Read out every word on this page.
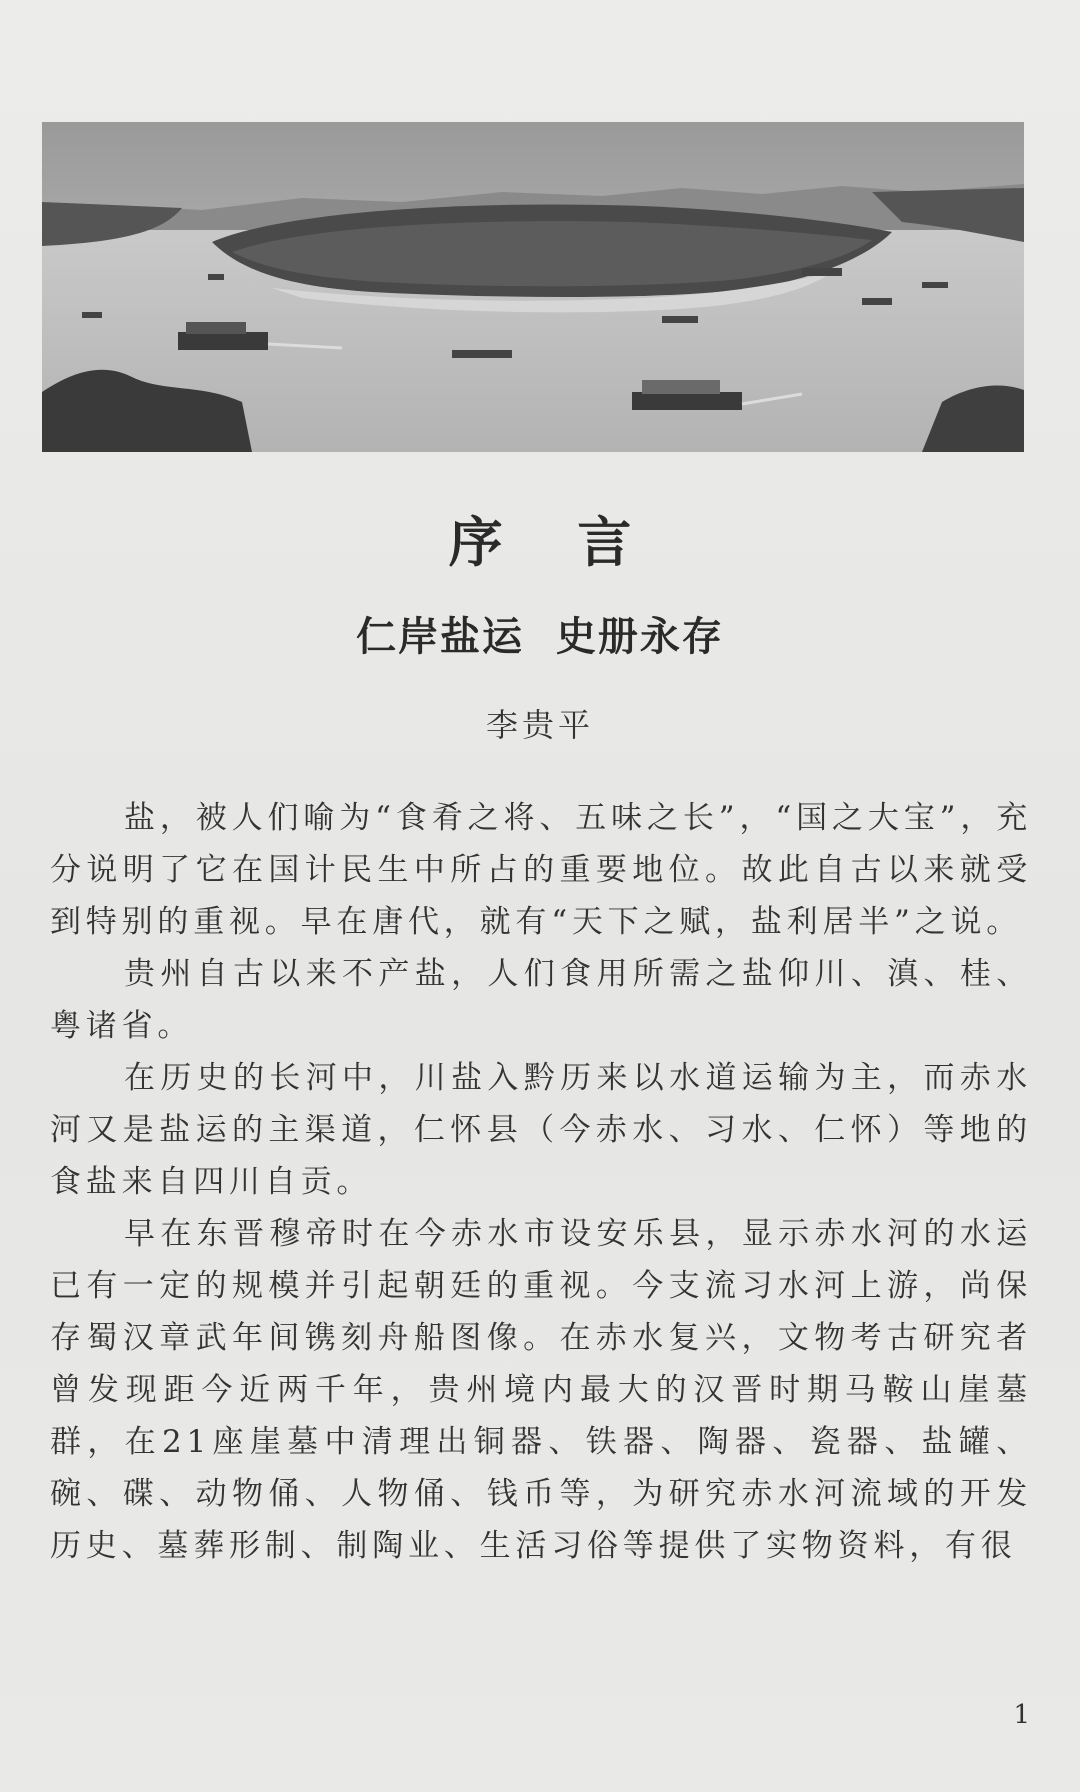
序 言
仁岸盐运  史册永存
李贵平

盐，被人们喻为“食肴之将、五味之长”，“国之大宝”，充分说明了它在国计民生中所占的重要地位。故此自古以来就受到特别的重视。早在唐代，就有“天下之赋，盐利居半”之说。

贵州自古以来不产盐，人们食用所需之盐仰川、滇、桂、粤诸省。

在历史的长河中，川盐入黔历来以水道运输为主，而赤水河又是盐运的主渠道，仁怀县（今赤水、习水、仁怀）等地的食盐来自四川自贡。

早在东晋穆帝时在今赤水市设安乐县，显示赤水河的水运已有一定的规模并引起朝廷的重视。今支流习水河上游，尚保存蜀汉章武年间镌刻舟船图像。在赤水复兴，文物考古研究者曾发现距今近两千年，贵州境内最大的汉晋时期马鞍山崖墓群，在21座崖墓中清理出铜器、铁器、陶器、瓷器、盐罐、碗、碟、动物俑、人物俑、钱币等，为研究赤水河流域的开发历史、墓葬形制、制陶业、生活习俗等提供了实物资料，有很

1
